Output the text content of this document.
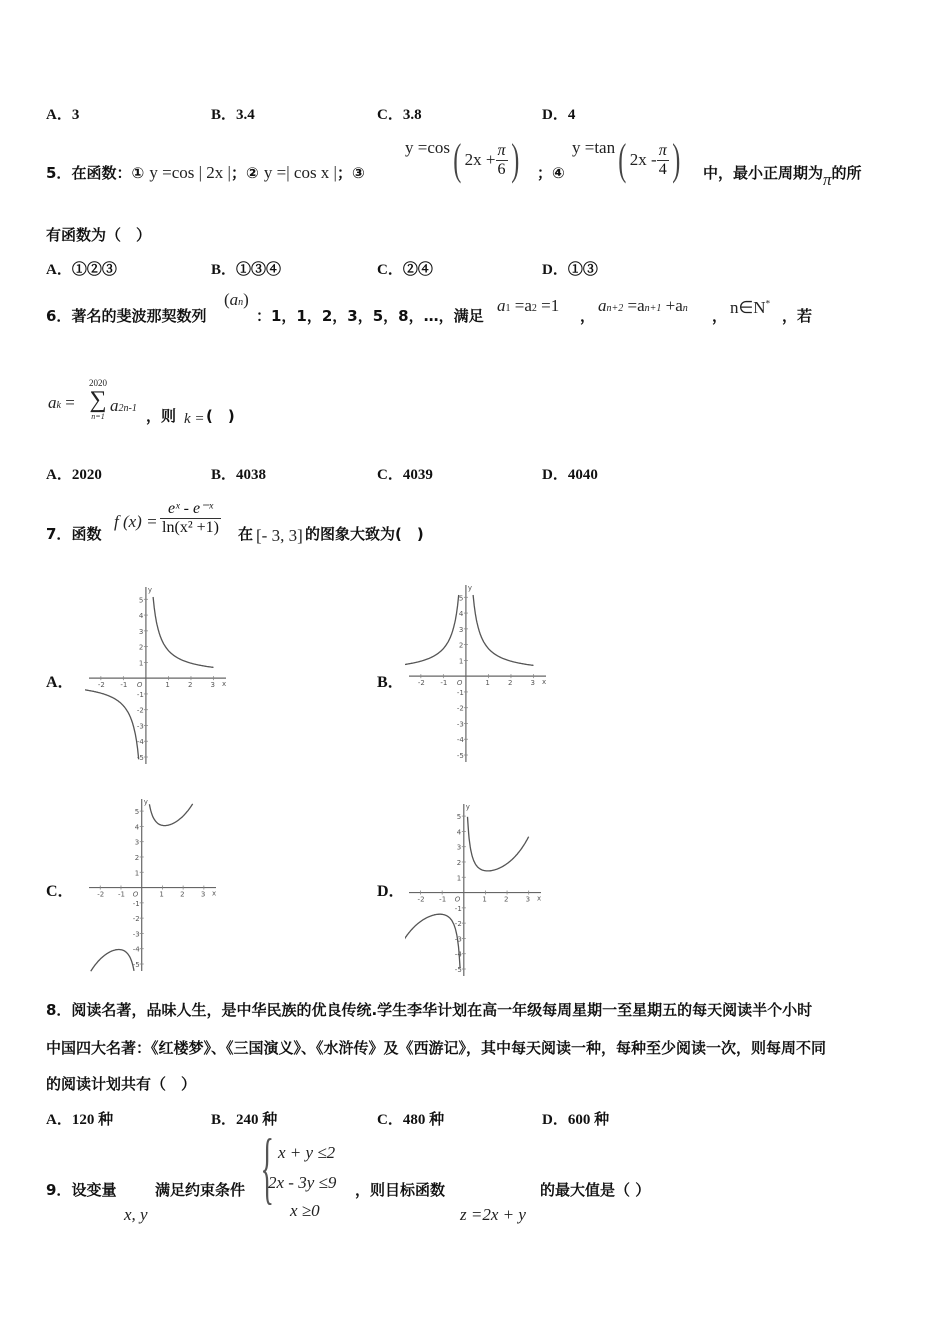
A．3	B．3.4	C．3.8	D．4
5．在函数：① y =cos | 2x |；② y =| cos x |；③
y =cos ( $2x + \frac{\pi}{6}$ ) ；④
y =tan ( $2x - \frac{\pi}{4}$ ) 中，最小正周期为π的所
有函数为（　）
A．①②③	B．①③④	C．②④	D．①③
6．著名的斐波那契数列
(an)
：1，1，2，3，5，8，…，满足
a1 =a2 =1
，
an+2 =an+1 +an ， n∈N*
，若
ak =
2020
∑
n=1
a2n-1 ，则 k = (　)
A．2020	B．4038	C．4039	D．4040
7．函数
f $(x) = \frac{\text{eˣ - e⁻ˣ}}{\text{ln(x² +1)}}$ 在 [- 3, 3] 的图象大致为(　)
A．	-2 -1	1	2	3
5
4
3
2
1
-1
-2
-3
-4
-5
O	x
y
B． -2 -1	1	2	3
5
4
3
2
1
-1
-2
-3
-4
-5
O	x
y
C．	-2 -1	1 2 3
5
4
3
2
1
-1
-2
-3
-4
-5
O	x
y
D． -2 -1	1 2 3
5
4
3
2
1
-1
-2
-3
-4
-5
O	x
y
8．阅读名著，品味人生，是中华民族的优良传统.学生李华计划在高一年级每周星期一至星期五的每天阅读半个小时
中国四大名著：《红楼梦》、《三国演义》、《水浒传》及《西游记》，其中每天阅读一种，每种至少阅读一次，则每周不同
的阅读计划共有（　）
A．120 种	B．240 种	C．480 种	D．600 种
9．设变量
x, y
满足约束条件 { x + y ≤2
2x - 3y ≤9
x ≥0
，则目标函数
z =2x + y
的最大值是（ ）
